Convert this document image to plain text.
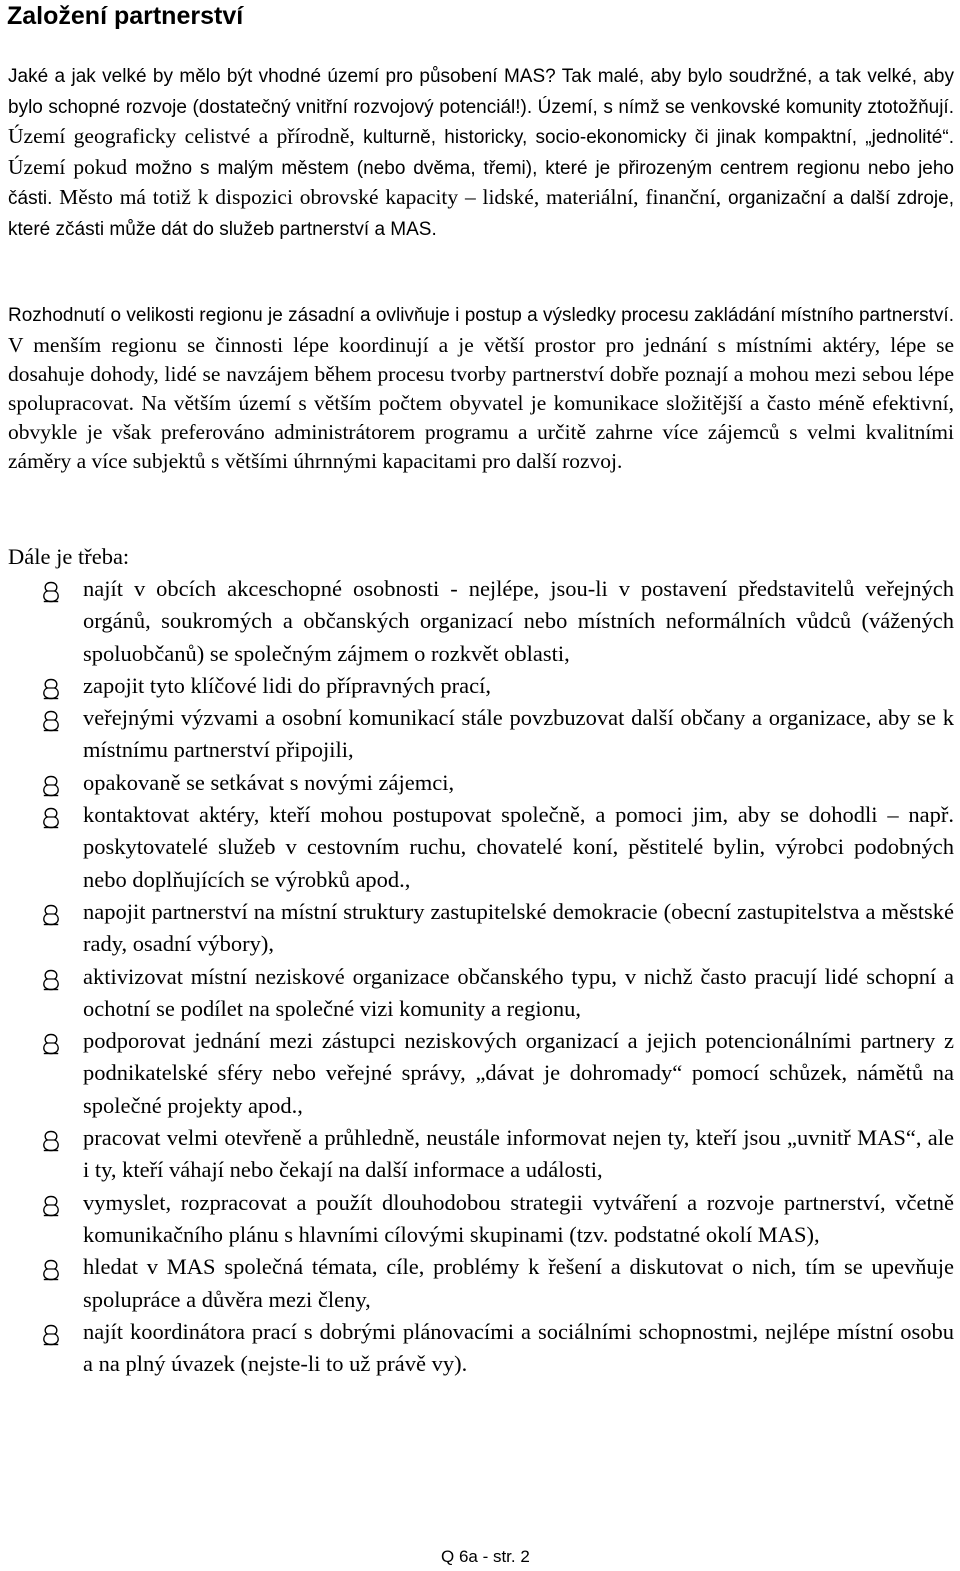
Založení partnerství

Jaké a jak velké by mělo být vhodné území pro působení MAS? Tak malé, aby bylo soudržné, a tak velké, aby bylo schopné rozvoje (dostatečný vnitřní rozvojový potenciál!). Území, s nímž se venkovské komunity ztotožňují. Území geograficky celistvé a přírodně, kulturně, historicky, socio-ekonomicky či jinak kompaktní, „jednolité“. Území pokud možno s malým městem (nebo dvěma, třemi), které je přirozeným centrem regionu nebo jeho části. Město má totiž k dispozici obrovské kapacity – lidské, materiální, finanční, organizační a další zdroje, které zčásti může dát do služeb partnerství a MAS.

Rozhodnutí o velikosti regionu je zásadní a ovlivňuje i postup a výsledky procesu zakládání místního partnerství. V menším regionu se činnosti lépe koordinují a je větší prostor pro jednání s místními aktéry, lépe se dosahuje dohody, lidé se navzájem během procesu tvorby partnerství dobře poznají a mohou mezi sebou lépe spolupracovat. Na větším území s větším počtem obyvatel je komunikace složitější a často méně efektivní, obvykle je však preferováno administrátorem programu a určitě zahrne více zájemců s velmi kvalitními záměry a více subjektů s většími úhrnnými kapacitami pro další rozvoj.

Dále je třeba:

najít v obcích akceschopné osobnosti - nejlépe, jsou-li v postavení představitelů veřejných orgánů, soukromých a občanských organizací nebo místních neformálních vůdců (vážených spoluobčanů) se společným zájmem o rozkvět oblasti,
zapojit tyto klíčové lidi do přípravných prací,
veřejnými výzvami a osobní komunikací stále povzbuzovat další občany a organizace, aby se k místnímu partnerství připojili,
opakovaně se setkávat s novými zájemci,
kontaktovat aktéry, kteří mohou postupovat společně, a pomoci jim, aby se dohodli – např. poskytovatelé služeb v cestovním ruchu, chovatelé koní, pěstitelé bylin, výrobci podobných nebo doplňujících se výrobků apod.,
napojit partnerství na místní struktury zastupitelské demokracie (obecní zastupitelstva a městské rady, osadní výbory),
aktivizovat místní neziskové organizace občanského typu, v nichž často pracují lidé schopní a ochotní se podílet na společné vizi komunity a regionu,
podporovat jednání mezi zástupci neziskových organizací a jejich potencionálními partnery z podnikatelské sféry nebo veřejné správy, „dávat je dohromady“ pomocí schůzek, námětů na společné projekty apod.,
pracovat velmi otevřeně a průhledně, neustále informovat nejen ty, kteří jsou „uvnitř MAS“, ale i ty, kteří váhají nebo čekají na další informace a události,
vymyslet, rozpracovat a použít dlouhodobou strategii vytváření a rozvoje partnerství, včetně komunikačního plánu s hlavními cílovými skupinami (tzv. podstatné okolí MAS),
hledat v MAS společná témata, cíle, problémy k řešení a diskutovat o nich, tím se upevňuje spolupráce a důvěra mezi členy,
najít koordinátora prací s dobrými plánovacími a sociálními schopnostmi, nejlépe místní osobu a na plný úvazek (nejste-li to už právě vy).
Q 6a - str. 2
